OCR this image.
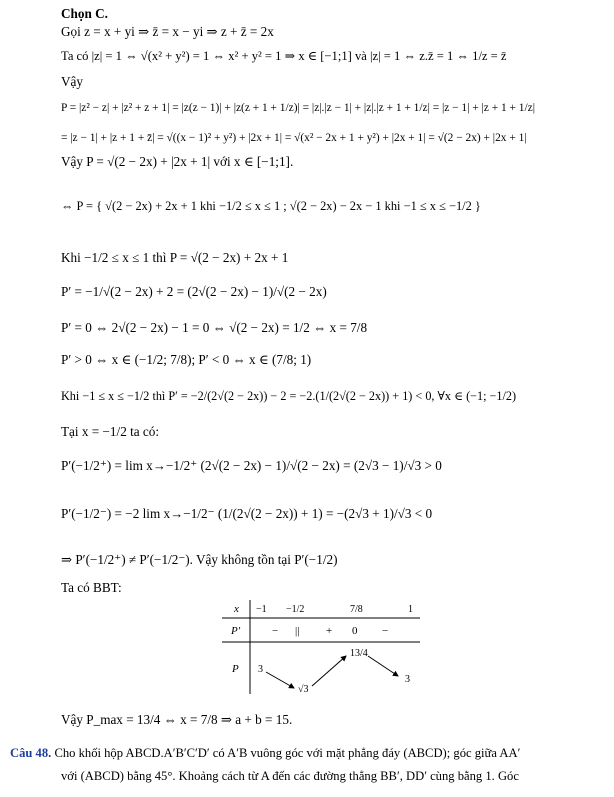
Chọn C.
Gọi z = x + yi ⇒ z̄ = x − yi ⇒ z + z̄ = 2x
Ta có |z| = 1 ⇔ √(x² + y²) = 1 ⇔ x² + y² = 1 ⇒ x ∈ [−1;1] và |z| = 1 ⇔ z.z̄ = 1 ⇔ 1/z = z̄
Vậy
P = |z² − z| + |z² + z + 1| = |z(z − 1)| + |z(z + 1 + 1/z)| = |z|.|z − 1| + |z|.|z + 1 + 1/z| = |z − 1| + |z + 1 + 1/z|
= |z − 1| + |z + 1 + z̄| = √((x − 1)² + y²) + |2x + 1| = √(x² − 2x + 1 + y²) + |2x + 1| = √(2 − 2x) + |2x + 1|
Vậy P = √(2 − 2x) + |2x + 1| với x ∈ [−1;1].
⇔ P = { √(2 − 2x) + 2x + 1 khi −1/2 ≤ x ≤ 1 ; √(2 − 2x) − 2x − 1 khi −1 ≤ x ≤ −1/2 }
Khi −1/2 ≤ x ≤ 1 thì P = √(2 − 2x) + 2x + 1
P′ = −1/√(2 − 2x) + 2 = (2√(2 − 2x) − 1)/√(2 − 2x)
P′ = 0 ⇔ 2√(2 − 2x) − 1 = 0 ⇔ √(2 − 2x) = 1/2 ⇔ x = 7/8
P′ > 0 ⇔ x ∈ (−1/2; 7/8); P′ < 0 ⇔ x ∈ (7/8; 1)
Khi −1 ≤ x ≤ −1/2 thì P′ = −2/(2√(2 − 2x)) − 2 = −2.(1/(2√(2 − 2x)) + 1) < 0, ∀x ∈ (−1; −1/2)
Tại x = −1/2 ta có:
P′(−1/2⁺) = lim x→−1/2⁺ (2√(2 − 2x) − 1)/√(2 − 2x) = (2√3 − 1)/√3 > 0
P′(−1/2⁻) = −2 lim x→−1/2⁻ (1/(2√(2 − 2x)) + 1) = −(2√3 + 1)/√3 < 0
⇒ P′(−1/2⁺) ≠ P′(−1/2⁻). Vậy không tồn tại P′(−1/2)
Ta có BBT:
x
P′
P
−1 −1/2	7/8	1
− || + 0 −
3
√3
13/4
3
Vậy P_max = 13/4 ⇔ x = 7/8 ⇒ a + b = 15.
Câu 48. Cho khối hộp ABCD.A′B′C′D′ có A′B vuông góc với mặt phẳng đáy (ABCD); góc giữa AA′
với (ABCD) bằng 45°. Khoảng cách từ A đến các đường thẳng BB′, DD′ cùng bằng 1. Góc
